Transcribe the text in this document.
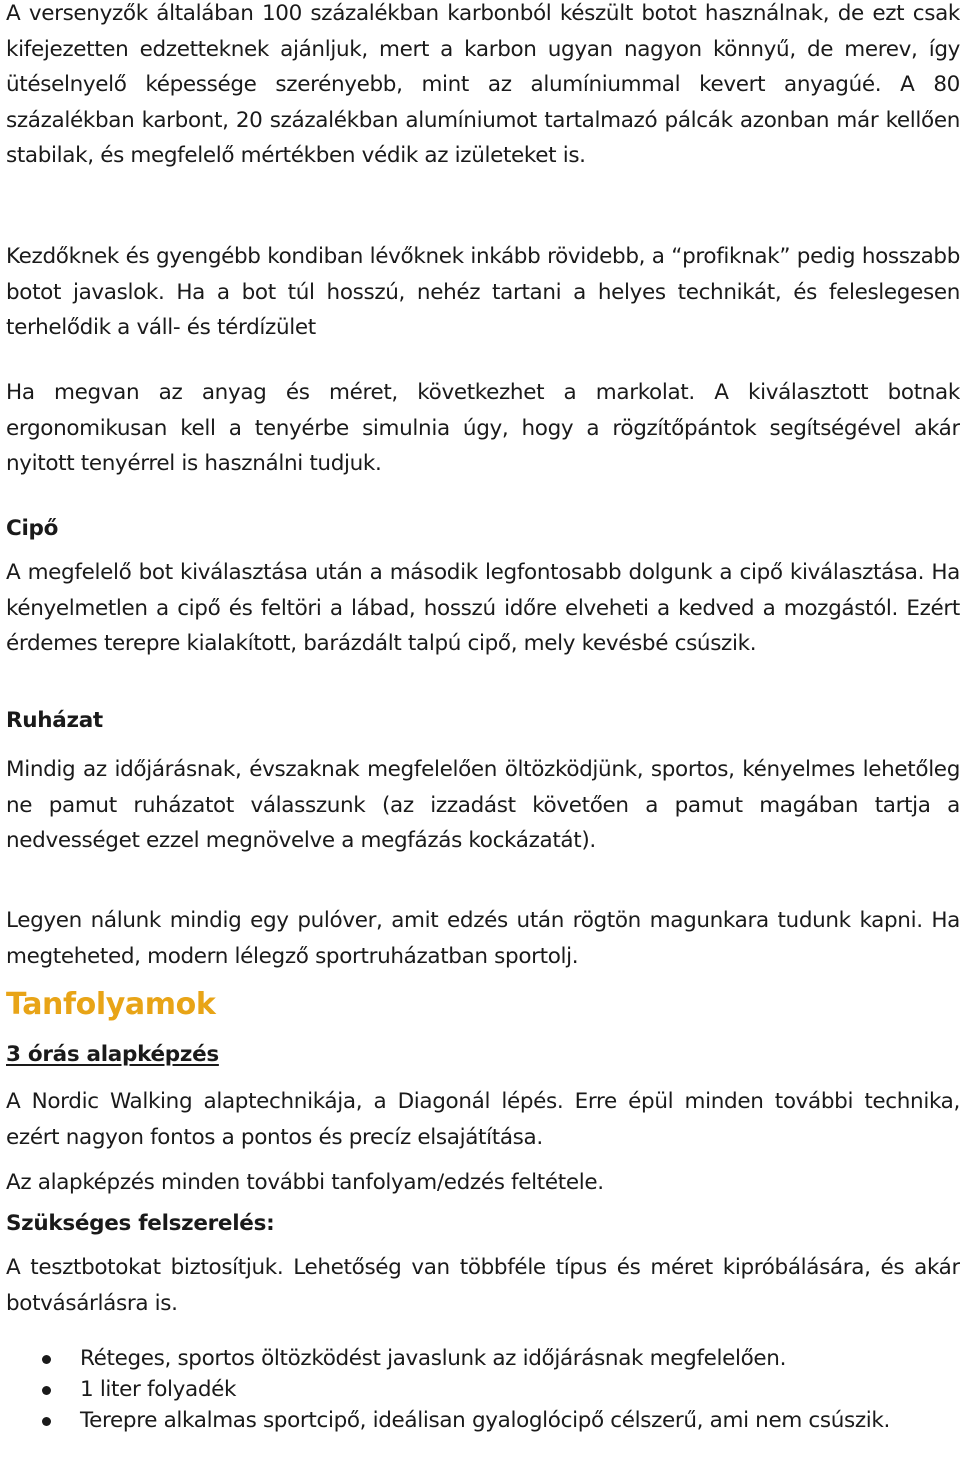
A versenyzők általában 100 százalékban karbonból készült botot használnak, de ezt csak kifejezetten edzetteknek ajánljuk, mert a karbon ugyan nagyon könnyű, de merev, így ütéselnyelő képessége szerényebb, mint az alumíniummal kevert anyagúé. A 80 százalékban karbont, 20 százalékban alumíniumot tartalmazó pálcák azonban már kellően stabilak, és megfelelő mértékben védik az izületeket is.

Kezdőknek és gyengébb kondiban lévőknek inkább rövidebb, a “profiknak” pedig hosszabb botot javaslok. Ha a bot túl hosszú, nehéz tartani a helyes technikát, és feleslegesen terhelődik a váll- és térdízület

Ha megvan az anyag és méret, következhet a markolat. A kiválasztott botnak ergonomikusan kell a tenyérbe simulnia úgy, hogy a rögzítőpántok segítségével akár nyitott tenyérrel is használni tudjuk.

Cipő

A megfelelő bot kiválasztása után a második legfontosabb dolgunk a cipő kiválasztása. Ha kényelmetlen a cipő és feltöri a lábad, hosszú időre elveheti a kedved a mozgástól. Ezért érdemes terepre kialakított, barázdált talpú cipő, mely kevésbé csúszik.

Ruházat

Mindig az időjárásnak, évszaknak megfelelően öltözködjünk, sportos, kényelmes lehetőleg ne pamut ruházatot válasszunk (az izzadást követően a pamut magában tartja a nedvességet ezzel megnövelve a megfázás kockázatát).

Legyen nálunk mindig egy pulóver, amit edzés után rögtön magunkara tudunk kapni. Ha megteheted, modern lélegző sportruházatban sportolj.

Tanfolyamok
3 órás alapképzés

A Nordic Walking alaptechnikája, a Diagonál lépés. Erre épül minden további technika, ezért nagyon fontos a pontos és precíz elsajátítása.

Az alapképzés minden további tanfolyam/edzés feltétele.

Szükséges felszerelés:

A tesztbotokat biztosítjuk. Lehetőség van többféle típus és méret kipróbálására, és akár botvásárlásra is.

Réteges, sportos öltözködést javaslunk az időjárásnak megfelelően.
1 liter folyadék
Terepre alkalmas sportcipő, ideálisan gyaloglócipő célszerű, ami nem csúszik.
